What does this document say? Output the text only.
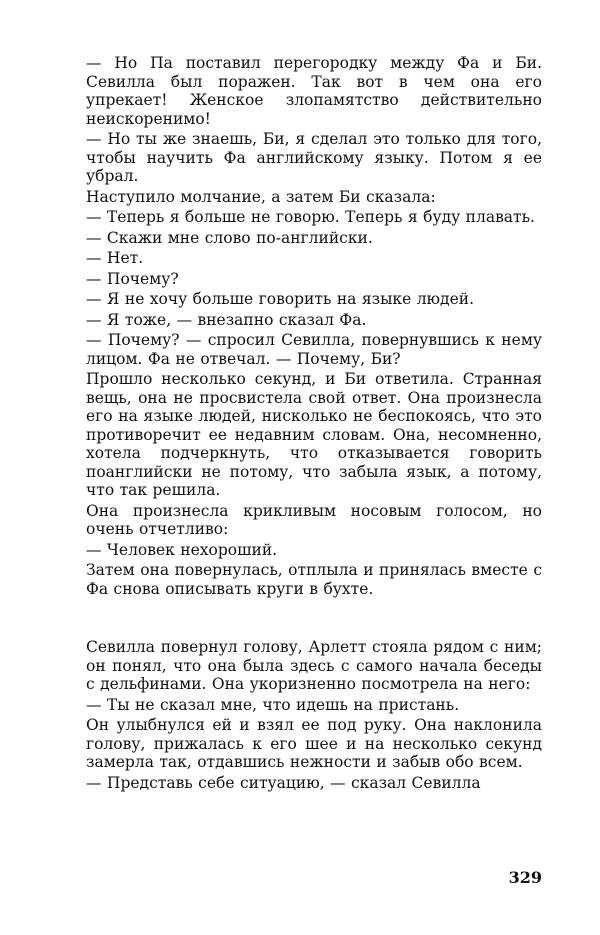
— Но Па поставил перегородку между Фа и Би. Севилла был поражен. Так вот в чем она его упрекает! Женское злопамятство действительно неискоренимо!

— Но ты же знаешь, Би, я сделал это только для того, чтобы научить Фа английскому языку. Потом я ее убрал.

Наступило молчание, а затем Би сказала:

— Теперь я больше не говорю. Теперь я буду плавать.

— Скажи мне слово по-английски.

— Нет.

— Почему?

— Я не хочу больше говорить на языке людей.

— Я тоже, — внезапно сказал Фа.

— Почему? — спросил Севилла, повернувшись к нему лицом. Фа не отвечал. — Почему, Би?

Прошло несколько секунд, и Би ответила. Странная вещь, она не просвистела свой ответ. Она произнесла его на языке людей, нисколько не беспокоясь, что это противоречит ее недавним словам. Она, несомненно, хотела подчеркнуть, что отказывается говорить поанглийски не потому, что забыла язык, а потому, что так решила.

Она произнесла крикливым носовым голосом, но очень отчетливо:

— Человек нехороший.

Затем она повернулась, отплыла и принялась вместе с Фа снова описывать круги в бухте.

Севилла повернул голову, Арлетт стояла рядом с ним; он понял, что она была здесь с самого начала беседы с дельфинами. Она укоризненно посмотрела на него:

— Ты не сказал мне, что идешь на пристань.

Он улыбнулся ей и взял ее под руку. Она наклонила голову, прижалась к его шее и на несколько секунд замерла так, отдавшись нежности и забыв обо всем.

— Представь себе ситуацию, — сказал Севилла

329
